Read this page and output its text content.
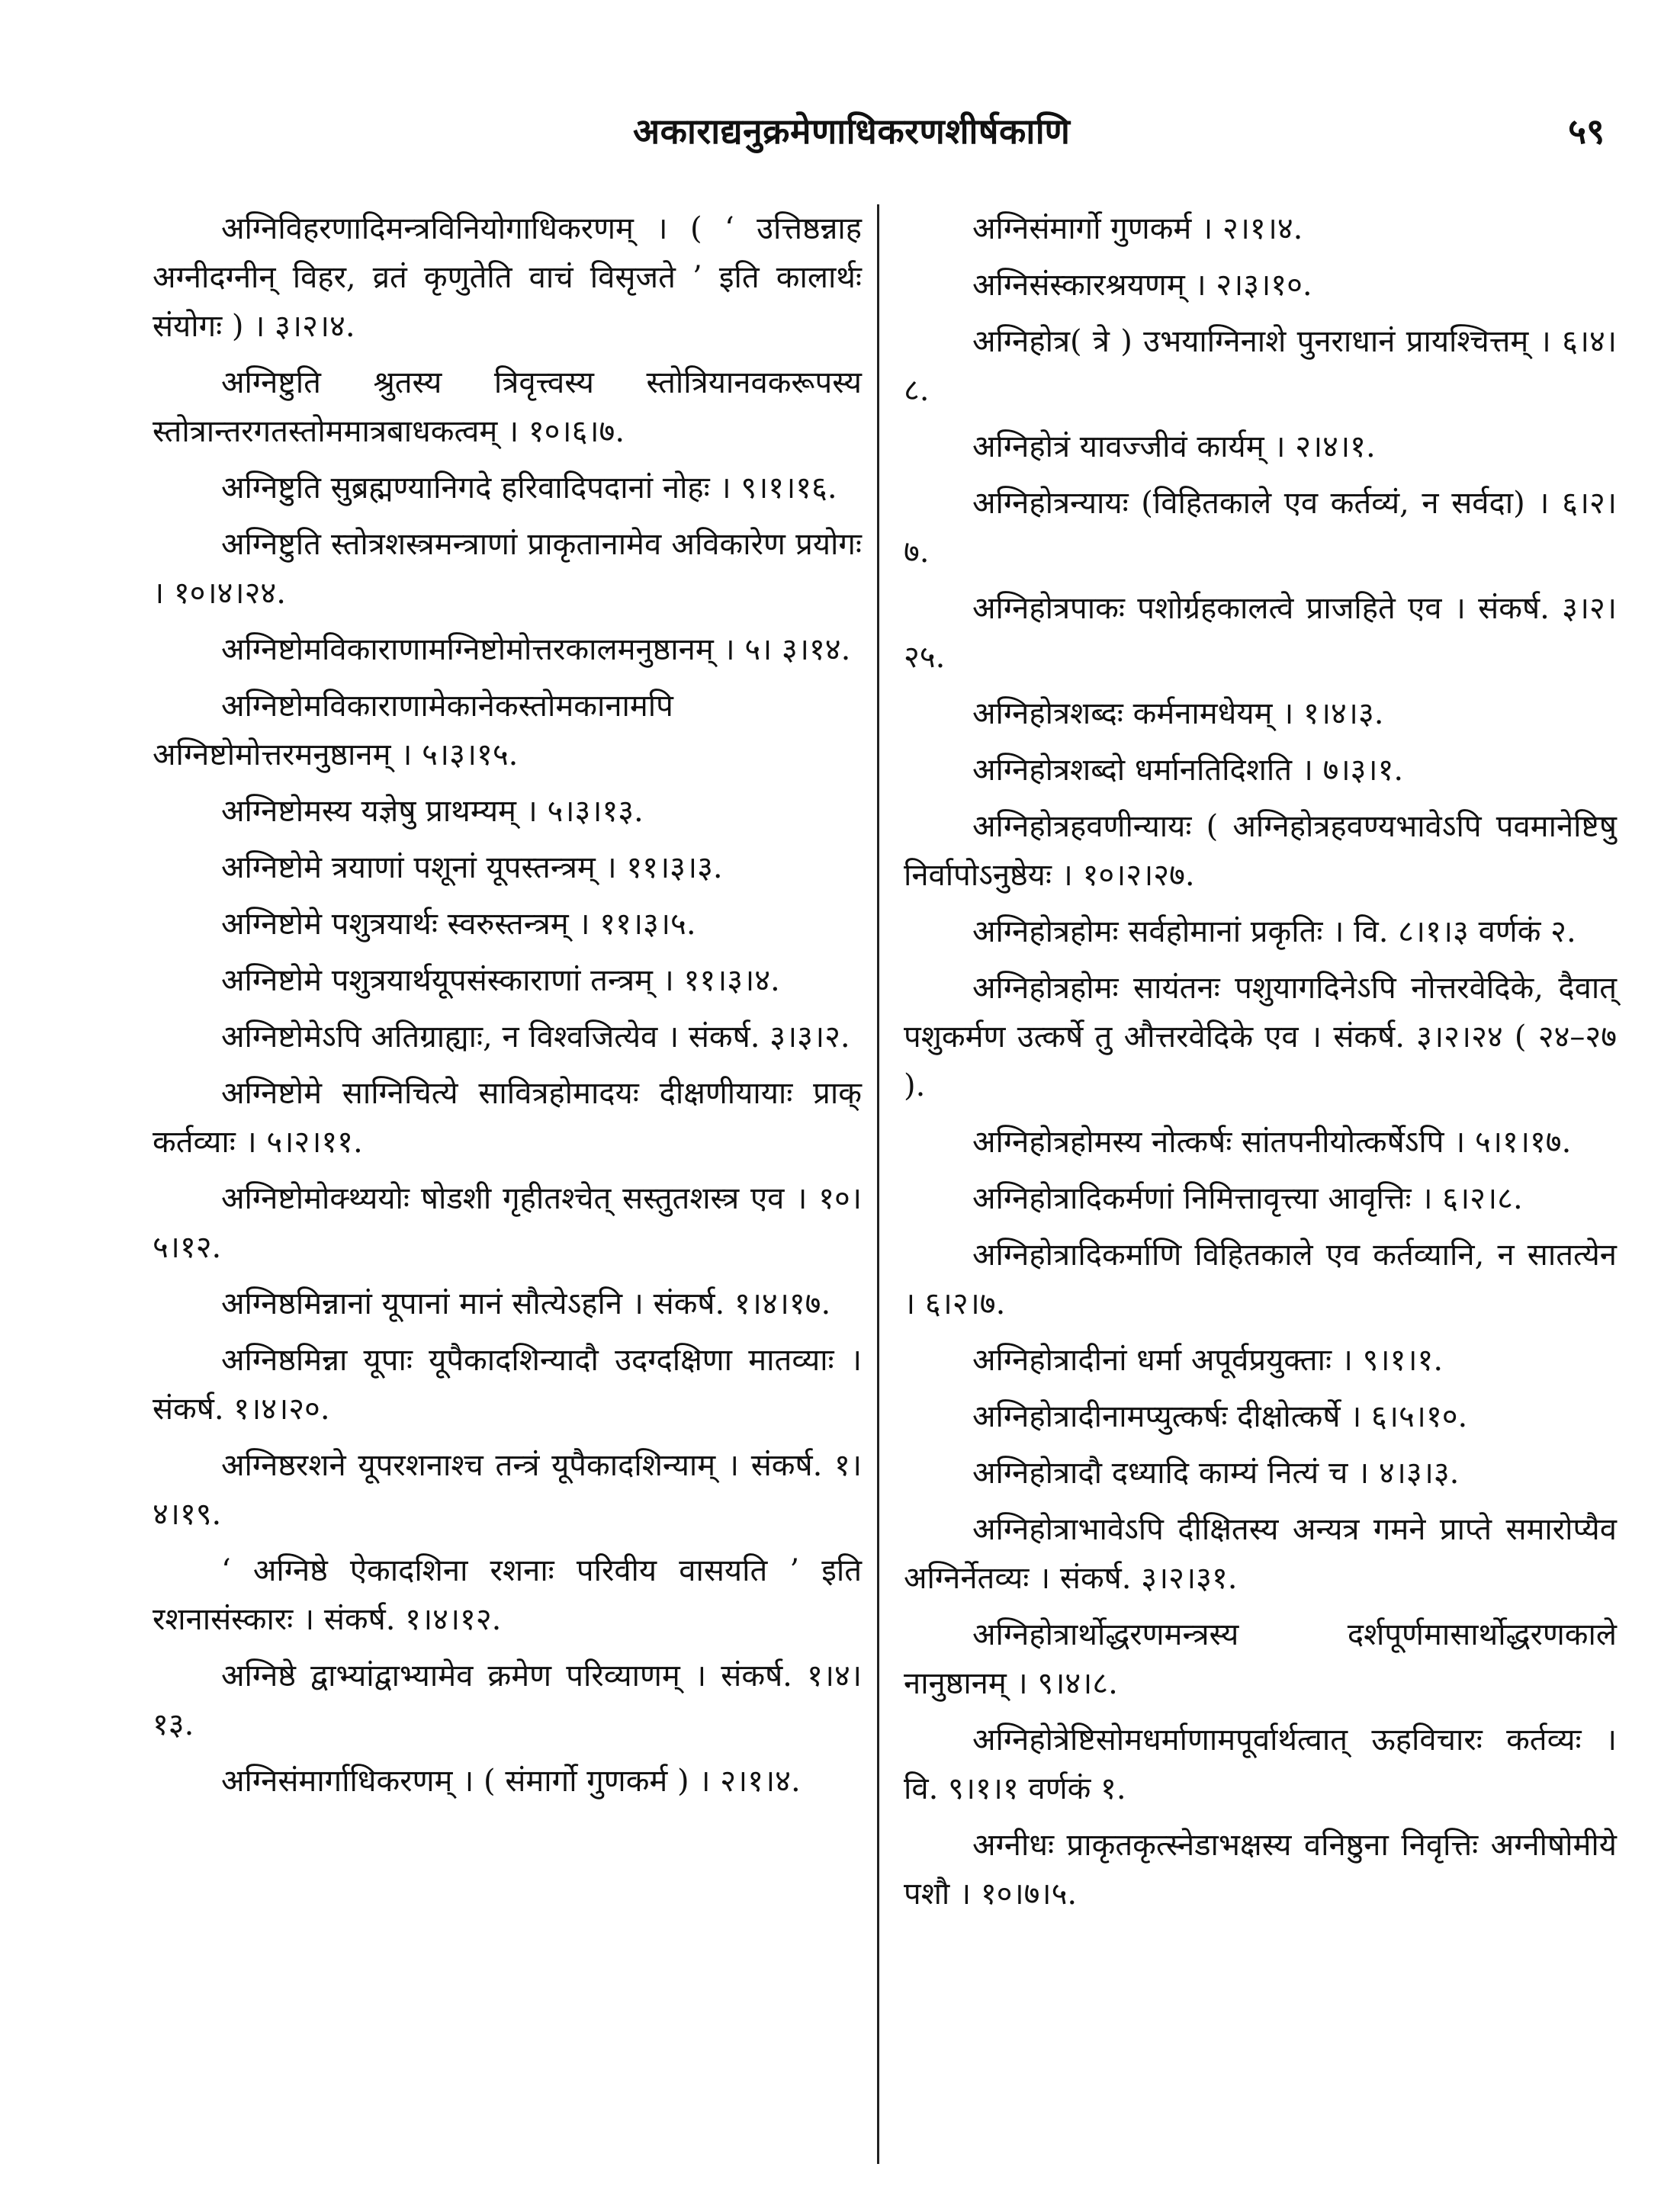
अकाराद्यनुक्रमेणाधिकरणशीर्षकाणि	५९

अग्निविहरणादिमन्त्रविनियोगाधिकरणम् । ( ‘ उत्तिष्ठन्नाह अग्नीदग्नीन् विहर, व्रतं कृणुतेति वाचं विसृजते ’ इति कालार्थः संयोगः ) । ३।२।४.

अग्निष्टुति श्रुतस्य त्रिवृत्त्वस्य स्तोत्रियानवकरूपस्य स्तोत्रान्तरगतस्तोममात्रबाधकत्वम् । १०।६।७.

अग्निष्टुति सुब्रह्मण्यानिगदे हरिवादिपदानां नोहः । ९।१।१६.

अग्निष्टुति स्तोत्रशस्त्रमन्त्राणां प्राकृतानामेव अविकारेण प्रयोगः । १०।४।२४.

अग्निष्टोमविकाराणामग्निष्टोमोत्तरकालमनुष्ठानम् । ५। ३।१४.

अग्निष्टोमविकाराणामेकानेकस्तोमकानामपि अग्निष्टोमोत्तरमनुष्ठानम् । ५।३।१५.

अग्निष्टोमस्य यज्ञेषु प्राथम्यम् । ५।३।१३.

अग्निष्टोमे त्रयाणां पशूनां यूपस्तन्त्रम् । ११।३।३.

अग्निष्टोमे पशुत्रयार्थः स्वरुस्तन्त्रम् । ११।३।५.

अग्निष्टोमे पशुत्रयार्थयूपसंस्काराणां तन्त्रम् । ११।३।४.

अग्निष्टोमेऽपि अतिग्राह्याः, न विश्वजित्येव । संकर्ष. ३।३।२.

अग्निष्टोमे साग्निचित्ये सावित्रहोमादयः दीक्षणीयायाः प्राक् कर्तव्याः । ५।२।११.

अग्निष्टोमोक्थ्ययोः षोडशी गृहीतश्चेत् सस्तुतशस्त्र एव । १०।५।१२.

अग्निष्ठमिन्नानां यूपानां मानं सौत्येऽहनि । संकर्ष. १।४।१७.

अग्निष्ठमिन्ना यूपाः यूपैकादशिन्यादौ उदग्दक्षिणा मातव्याः । संकर्ष. १।४।२०.

अग्निष्ठरशने यूपरशनाश्च तन्त्रं यूपैकादशिन्याम् । संकर्ष. १।४।१९.

‘ अग्निष्ठे ऐकादशिना रशनाः परिवीय वासयति ’ इति रशनासंस्कारः । संकर्ष. १।४।१२.

अग्निष्ठे द्वाभ्यांद्वाभ्यामेव क्रमेण परिव्याणम् । संकर्ष. १।४।१३.

अग्निसंमार्गाधिकरणम् । ( संमार्गो गुणकर्म ) । २।१।४.

अग्निसंमार्गो गुणकर्म । २।१।४.

अग्निसंस्कारश्रयणम् । २।३।१०.

अग्निहोत्र( त्रे ) उभयाग्निनाशे पुनराधानं प्रायश्चित्तम् । ६।४।८.

अग्निहोत्रं यावज्जीवं कार्यम् । २।४।१.

अग्निहोत्रन्यायः (विहितकाले एव कर्तव्यं, न सर्वदा) । ६।२।७.

अग्निहोत्रपाकः पशोर्ग्रहकालत्वे प्राजहिते एव । संकर्ष. ३।२।२५.

अग्निहोत्रशब्दः कर्मनामधेयम् । १।४।३.

अग्निहोत्रशब्दो धर्मानतिदिशति । ७।३।१.

अग्निहोत्रहवणीन्यायः ( अग्निहोत्रहवण्यभावेऽपि पवमानेष्टिषु निर्वापोऽनुष्ठेयः । १०।२।२७.

अग्निहोत्रहोमः सर्वहोमानां प्रकृतिः । वि. ८।१।३ वर्णकं २.

अग्निहोत्रहोमः सायंतनः पशुयागदिनेऽपि नोत्तरवेदिके, दैवात् पशुकर्मण उत्कर्षे तु औत्तरवेदिके एव । संकर्ष. ३।२।२४ ( २४–२७ ).

अग्निहोत्रहोमस्य नोत्कर्षः सांतपनीयोत्कर्षेऽपि । ५।१।१७.

अग्निहोत्रादिकर्मणां निमित्तावृत्त्या आवृत्तिः । ६।२।८.

अग्निहोत्रादिकर्माणि विहितकाले एव कर्तव्यानि, न सातत्येन । ६।२।७.

अग्निहोत्रादीनां धर्मा अपूर्वप्रयुक्ताः । ९।१।१.

अग्निहोत्रादीनामप्युत्कर्षः दीक्षोत्कर्षे । ६।५।१०.

अग्निहोत्रादौ दध्यादि काम्यं नित्यं च । ४।३।३.

अग्निहोत्राभावेऽपि दीक्षितस्य अन्यत्र गमने प्राप्ते समारोप्यैव अग्निर्नेतव्यः । संकर्ष. ३।२।३१.

अग्निहोत्रार्थोद्धरणमन्त्रस्य दर्शपूर्णमासार्थोद्धरणकाले नानुष्ठानम् । ९।४।८.

अग्निहोत्रेष्टिसोमधर्माणामपूर्वार्थत्वात् ऊहविचारः कर्तव्यः । वि. ९।१।१ वर्णकं १.

अग्नीधः प्राकृतकृत्स्नेडाभक्षस्य वनिष्ठुना निवृत्तिः अग्नीषोमीये पशौ । १०।७।५.
